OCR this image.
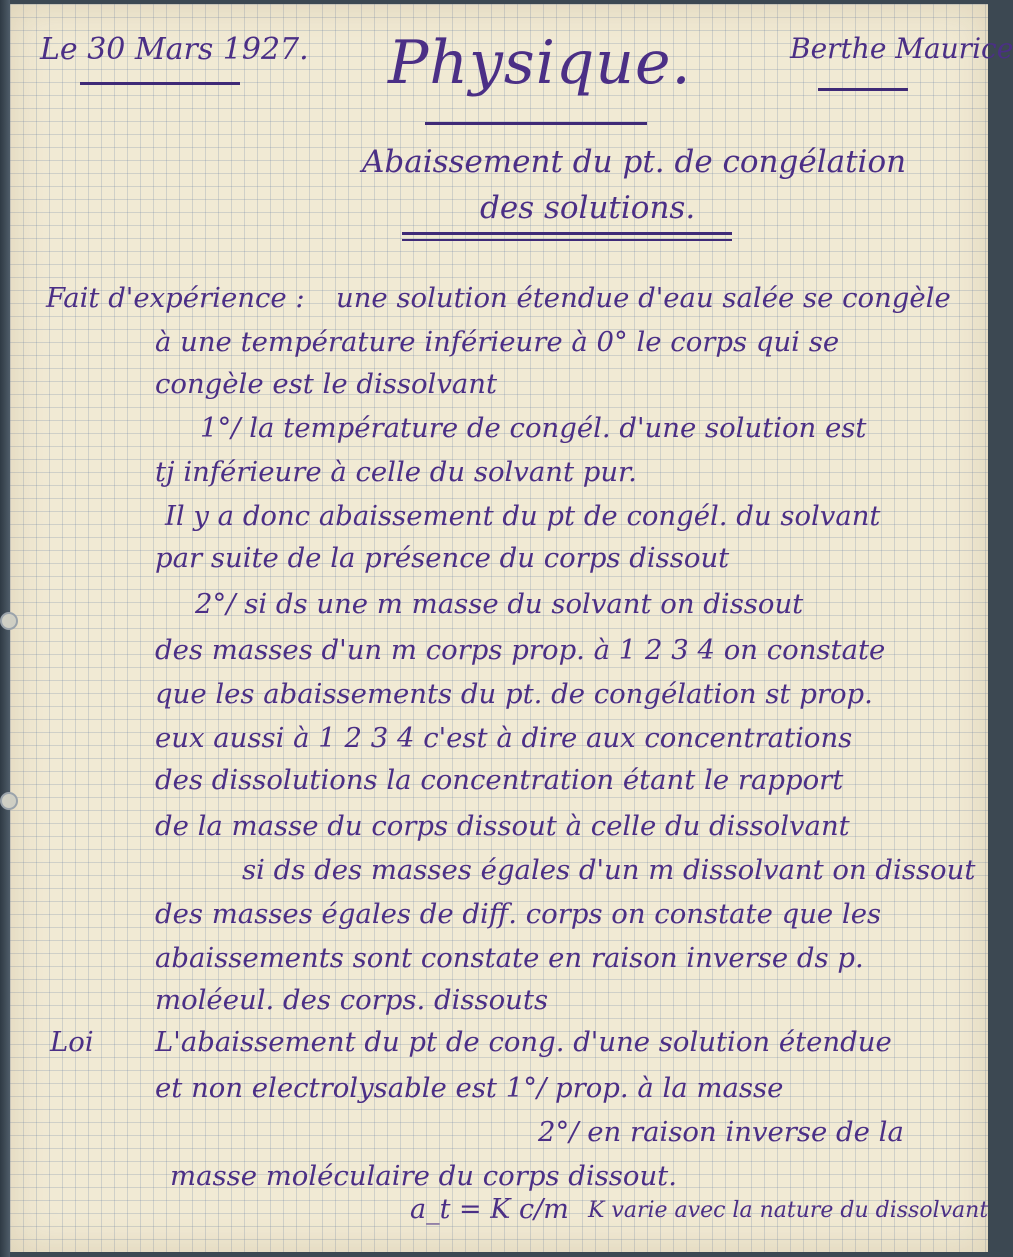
Le 30 Mars 1927. Physique.	Berthe Maurice
Abaissement du pt. de congélation
des solutions.
Fait d'expérience : une solution étendue d'eau salée se congèle
à une température inférieure à 0° le corps qui se
congèle est le dissolvant
1°/ la température de congél. d'une solution est
tj inférieure à celle du solvant pur.
Il y a donc abaissement du pt de congél. du solvant
par suite de la présence du corps dissout
2°/ si ds une m masse du solvant on dissout
des masses d'un m corps prop. à 1 2 3 4 on constate
que les abaissements du pt. de congélation st prop.
eux aussi à 1 2 3 4 c'est à dire aux concentrations
des dissolutions la concentration étant le rapport
de la masse du corps dissout à celle du dissolvant
si ds des masses égales d'un m dissolvant on dissout
des masses égales de diff. corps on constate que les
abaissements sont constate en raison inverse ds p.
moléeul. des corps. dissouts
Loi L'abaissement du pt de cong. d'une solution étendue
et non electrolysable est 1°/ prop. à la masse
2°/ en raison inverse de la
masse moléculaire du corps dissout.
a_t = K c/m K varie avec la nature du dissolvant
